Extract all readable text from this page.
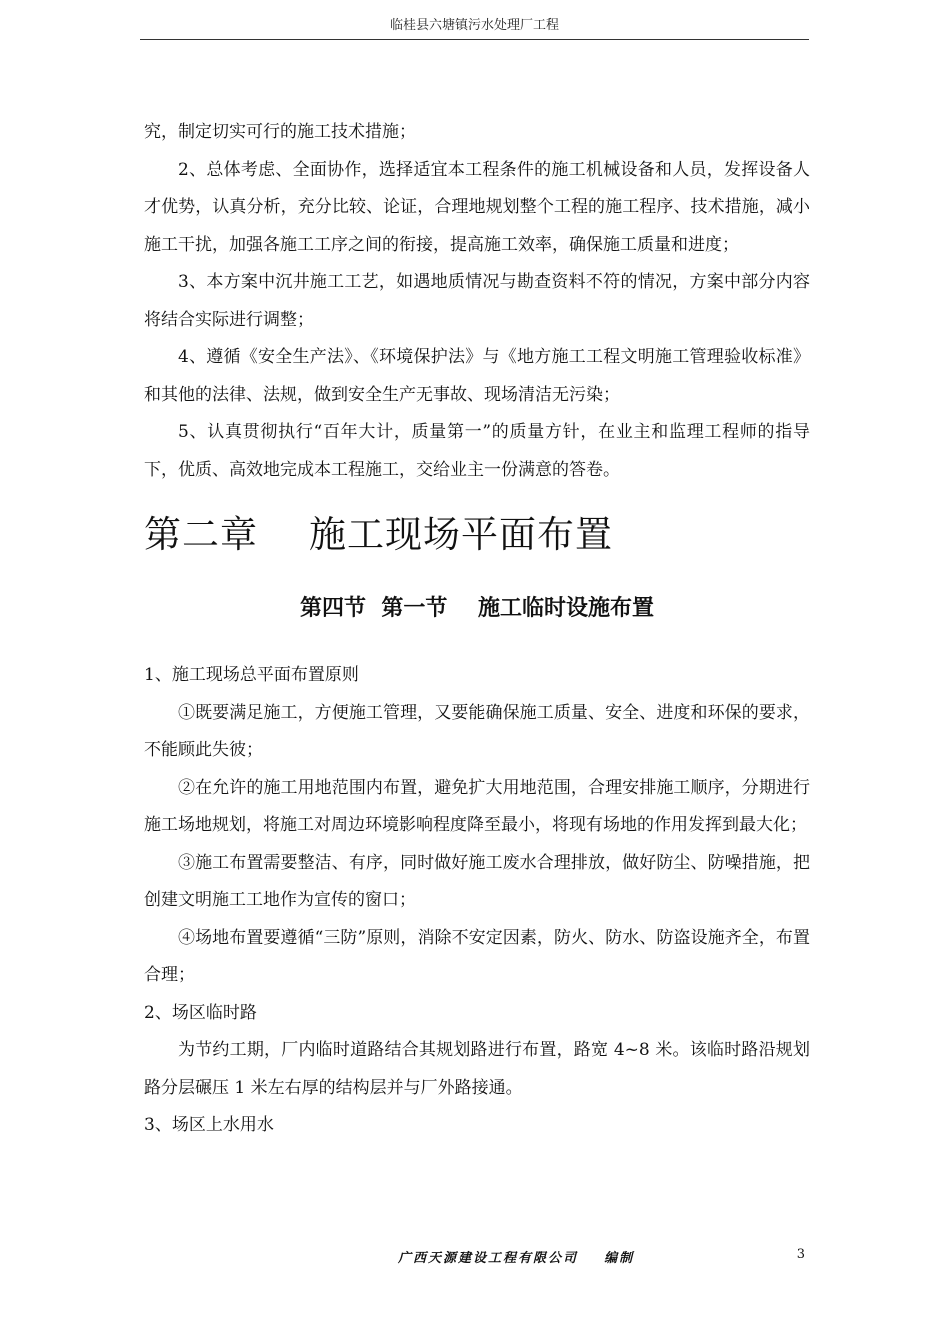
临桂县六塘镇污水处理厂工程

究，制定切实可行的施工技术措施；

2、总体考虑、全面协作，选择适宜本工程条件的施工机械设备和人员，发挥设备人才优势，认真分析，充分比较、论证，合理地规划整个工程的施工程序、技术措施，减小施工干扰，加强各施工工序之间的衔接，提高施工效率，确保施工质量和进度；

3、本方案中沉井施工工艺，如遇地质情况与勘查资料不符的情况，方案中部分内容将结合实际进行调整；

4、遵循《安全生产法》、《环境保护法》与《地方施工工程文明施工管理验收标准》和其他的法律、法规，做到安全生产无事故、现场清洁无污染；

5、认真贯彻执行“百年大计，质量第一”的质量方针，在业主和监理工程师的指导下，优质、高效地完成本工程施工，交给业主一份满意的答卷。

第二章    施工现场平面布置
第四节  第一节    施工临时设施布置

1、施工现场总平面布置原则

①既要满足施工，方便施工管理，又要能确保施工质量、安全、进度和环保的要求，不能顾此失彼；

②在允许的施工用地范围内布置，避免扩大用地范围，合理安排施工顺序，分期进行施工场地规划，将施工对周边环境影响程度降至最小，将现有场地的作用发挥到最大化；

③施工布置需要整洁、有序，同时做好施工废水合理排放，做好防尘、防噪措施，把创建文明施工工地作为宣传的窗口；

④场地布置要遵循“三防”原则，消除不安定因素，防火、防水、防盗设施齐全，布置合理；

2、场区临时路

为节约工期，厂内临时道路结合其规划路进行布置，路宽 4~8 米。该临时路沿规划路分层碾压 1 米左右厚的结构层并与厂外路接通。

3、场区上水用水

广西天源建设工程有限公司    编制	3
